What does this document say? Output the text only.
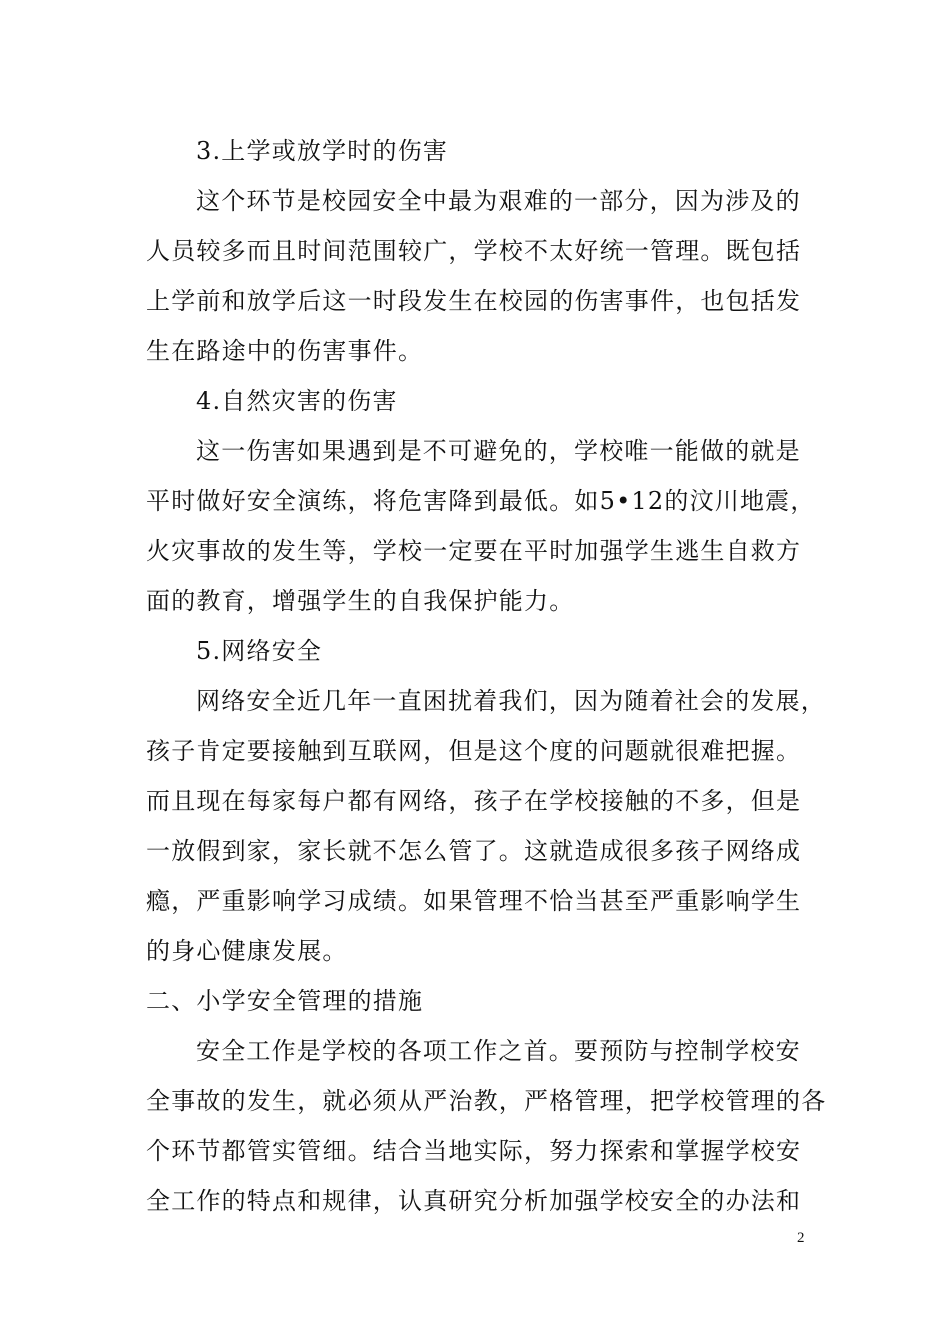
3.上学或放学时的伤害
这个环节是校园安全中最为艰难的一部分，因为涉及的
人员较多而且时间范围较广，学校不太好统一管理。既包括
上学前和放学后这一时段发生在校园的伤害事件，也包括发
生在路途中的伤害事件。
4.自然灾害的伤害
这一伤害如果遇到是不可避免的，学校唯一能做的就是
平时做好安全演练，将危害降到最低。如5•12的汶川地震，
火灾事故的发生等，学校一定要在平时加强学生逃生自救方
面的教育，增强学生的自我保护能力。
5.网络安全
网络安全近几年一直困扰着我们，因为随着社会的发展，
孩子肯定要接触到互联网，但是这个度的问题就很难把握。
而且现在每家每户都有网络，孩子在学校接触的不多，但是
一放假到家，家长就不怎么管了。这就造成很多孩子网络成
瘾，严重影响学习成绩。如果管理不恰当甚至严重影响学生
的身心健康发展。
二、小学安全管理的措施
安全工作是学校的各项工作之首。要预防与控制学校安
全事故的发生，就必须从严治教，严格管理，把学校管理的各
个环节都管实管细。结合当地实际，努力探索和掌握学校安
全工作的特点和规律，认真研究分析加强学校安全的办法和
2
